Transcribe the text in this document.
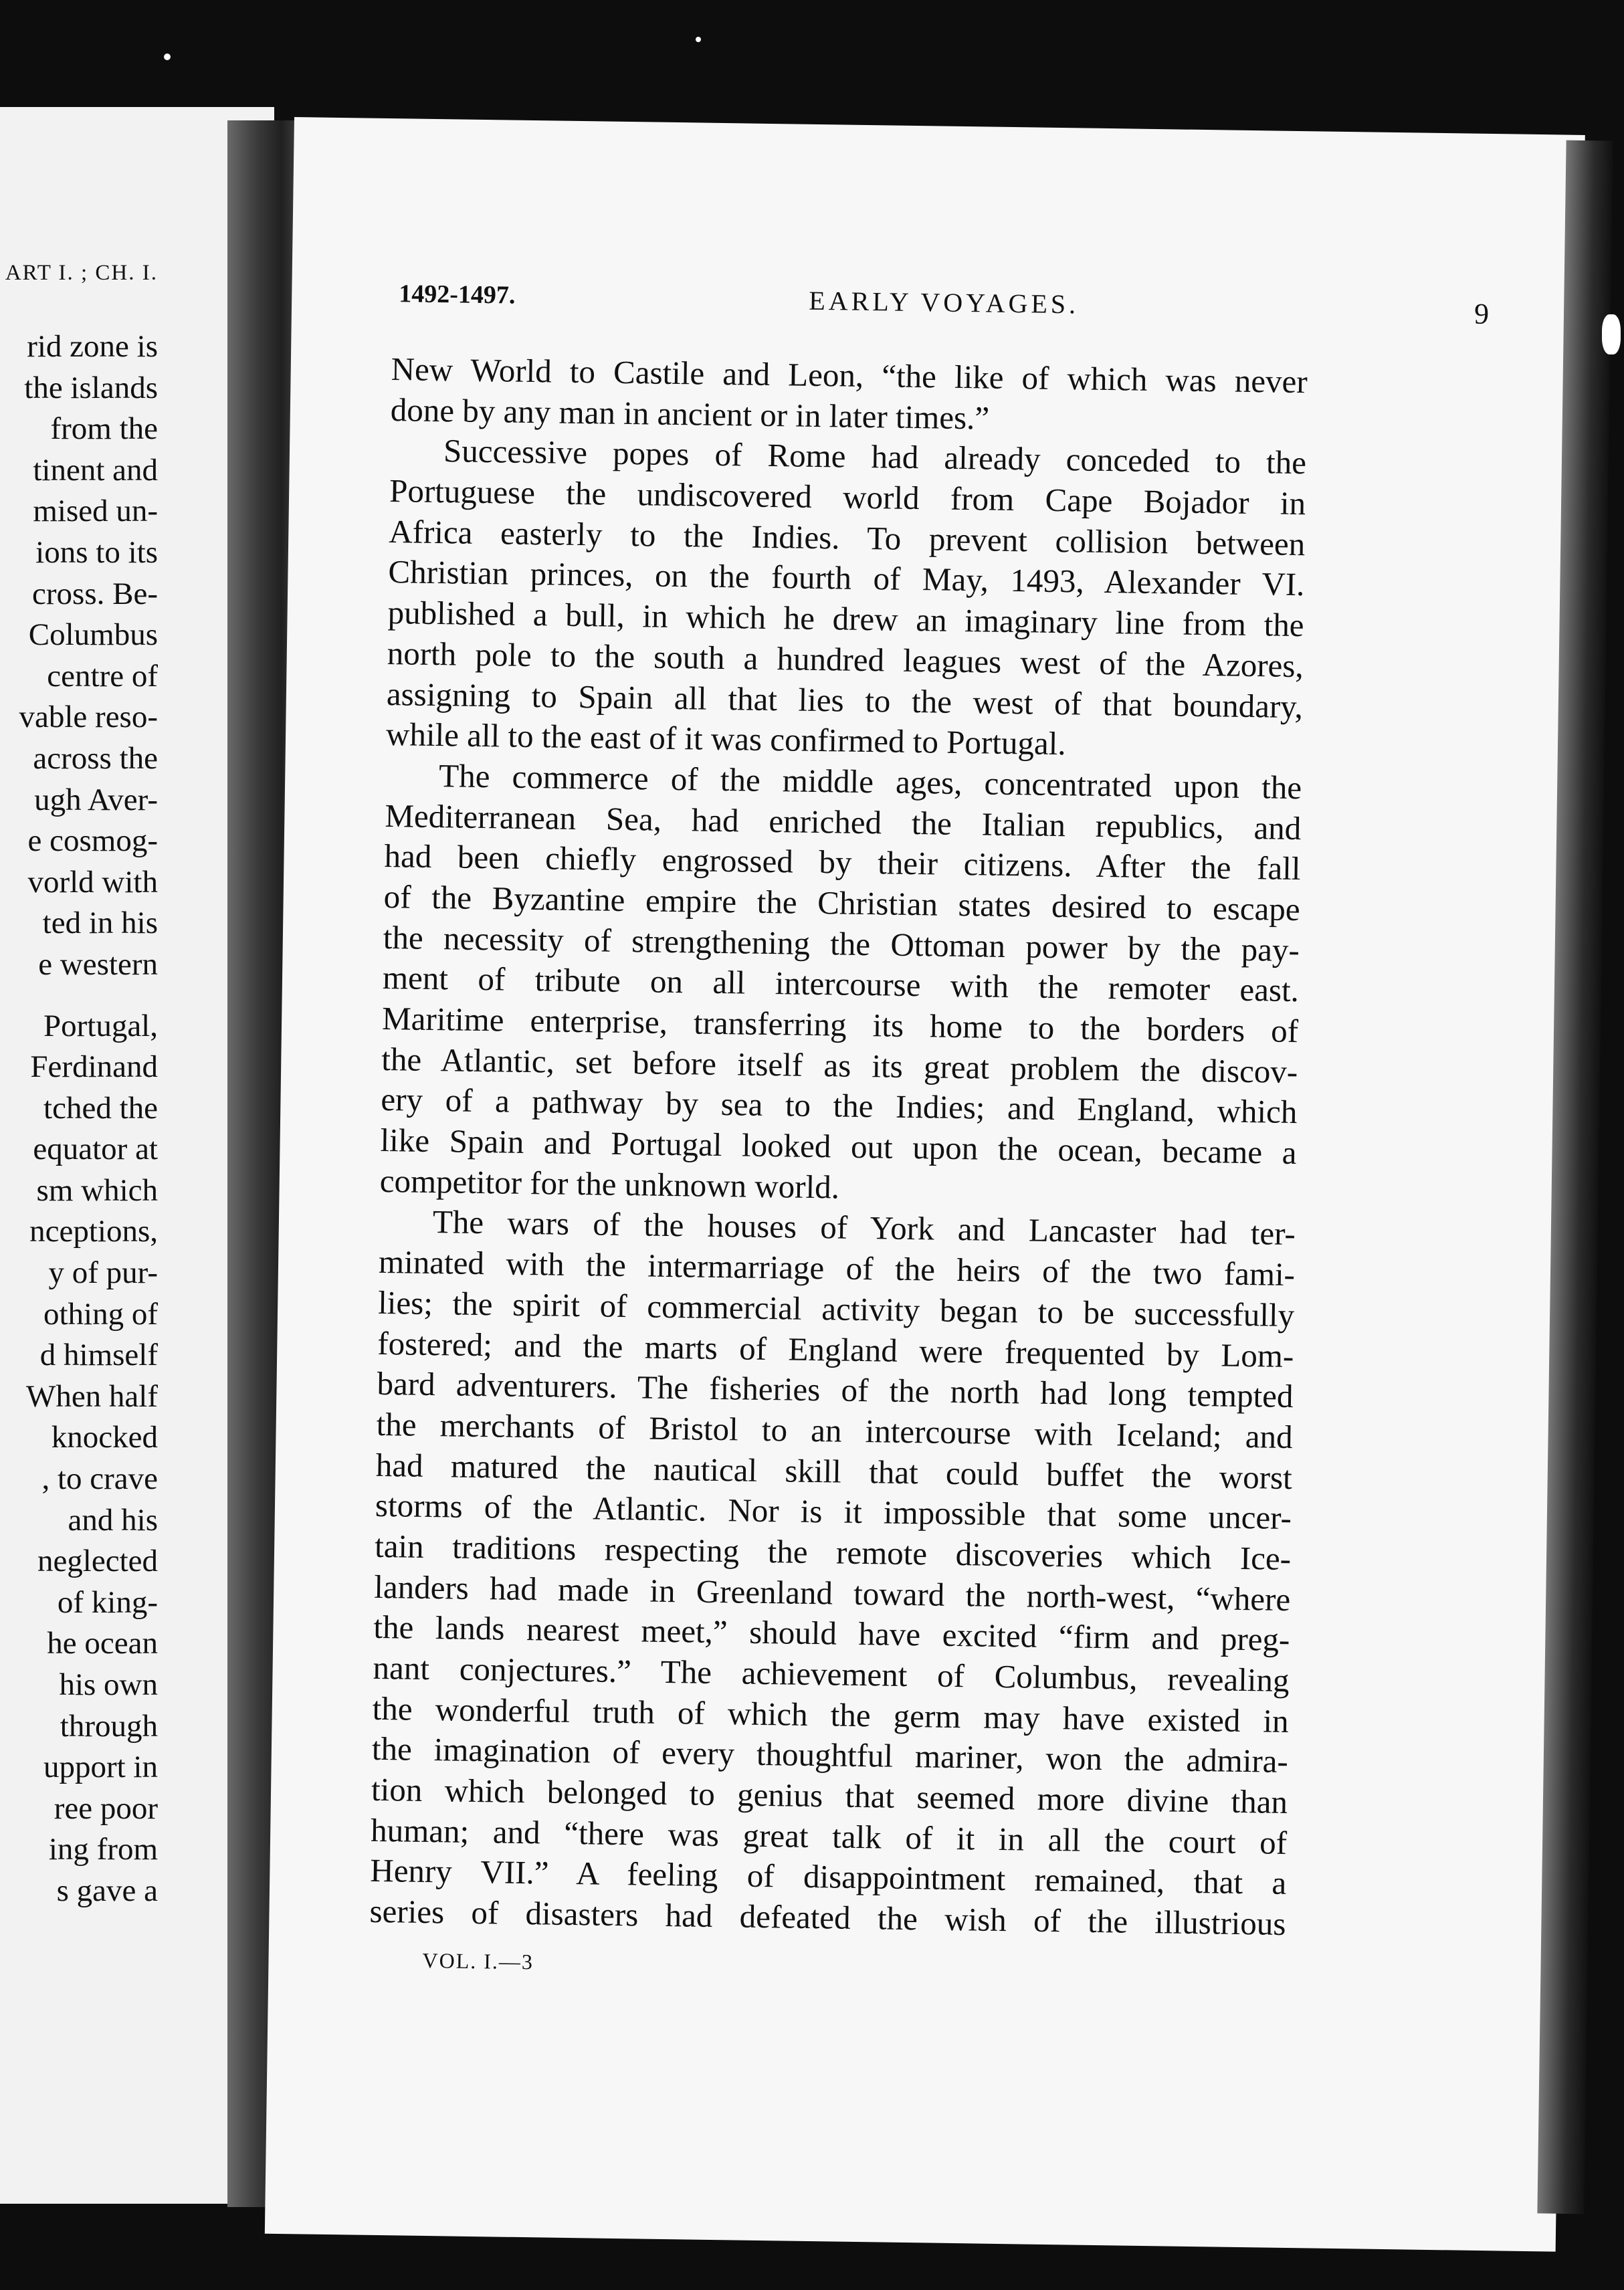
ART I. ; CH. I.
rid zone is
the islands
from the
tinent and
mised un-
ions to its
cross. Be-
Columbus
centre of
vable reso-
across the
ugh Aver-
e cosmog-
vorld with
ted in his
e western
Portugal,
Ferdinand
tched the
equator at
sm which
nceptions,
y of pur-
othing of
d himself
When half
knocked
, to crave
and his
neglected
of king-
he ocean
his own
through
upport in
ree poor
ing from
s gave a
1492-1497.	EARLY VOYAGES.	9
New World to Castile and Leon, “the like of which was never
done by any man in ancient or in later times.”
Successive popes of Rome had already conceded to the
Portuguese the undiscovered world from Cape Bojador in
Africa easterly to the Indies. To prevent collision between
Christian princes, on the fourth of May, 1493, Alexander VI.
published a bull, in which he drew an imaginary line from the
north pole to the south a hundred leagues west of the Azores,
assigning to Spain all that lies to the west of that boundary,
while all to the east of it was confirmed to Portugal.
The commerce of the middle ages, concentrated upon the
Mediterranean Sea, had enriched the Italian republics, and
had been chiefly engrossed by their citizens. After the fall
of the Byzantine empire the Christian states desired to escape
the necessity of strengthening the Ottoman power by the pay-
ment of tribute on all intercourse with the remoter east.
Maritime enterprise, transferring its home to the borders of
the Atlantic, set before itself as its great problem the discov-
ery of a pathway by sea to the Indies; and England, which
like Spain and Portugal looked out upon the ocean, became a
competitor for the unknown world.
The wars of the houses of York and Lancaster had ter-
minated with the intermarriage of the heirs of the two fami-
lies; the spirit of commercial activity began to be successfully
fostered; and the marts of England were frequented by Lom-
bard adventurers. The fisheries of the north had long tempted
the merchants of Bristol to an intercourse with Iceland; and
had matured the nautical skill that could buffet the worst
storms of the Atlantic. Nor is it impossible that some uncer-
tain traditions respecting the remote discoveries which Ice-
landers had made in Greenland toward the north-west, “where
the lands nearest meet,” should have excited “firm and preg-
nant conjectures.” The achievement of Columbus, revealing
the wonderful truth of which the germ may have existed in
the imagination of every thoughtful mariner, won the admira-
tion which belonged to genius that seemed more divine than
human; and “there was great talk of it in all the court of
Henry VII.” A feeling of disappointment remained, that a
series of disasters had defeated the wish of the illustrious
VOL. I.—3
